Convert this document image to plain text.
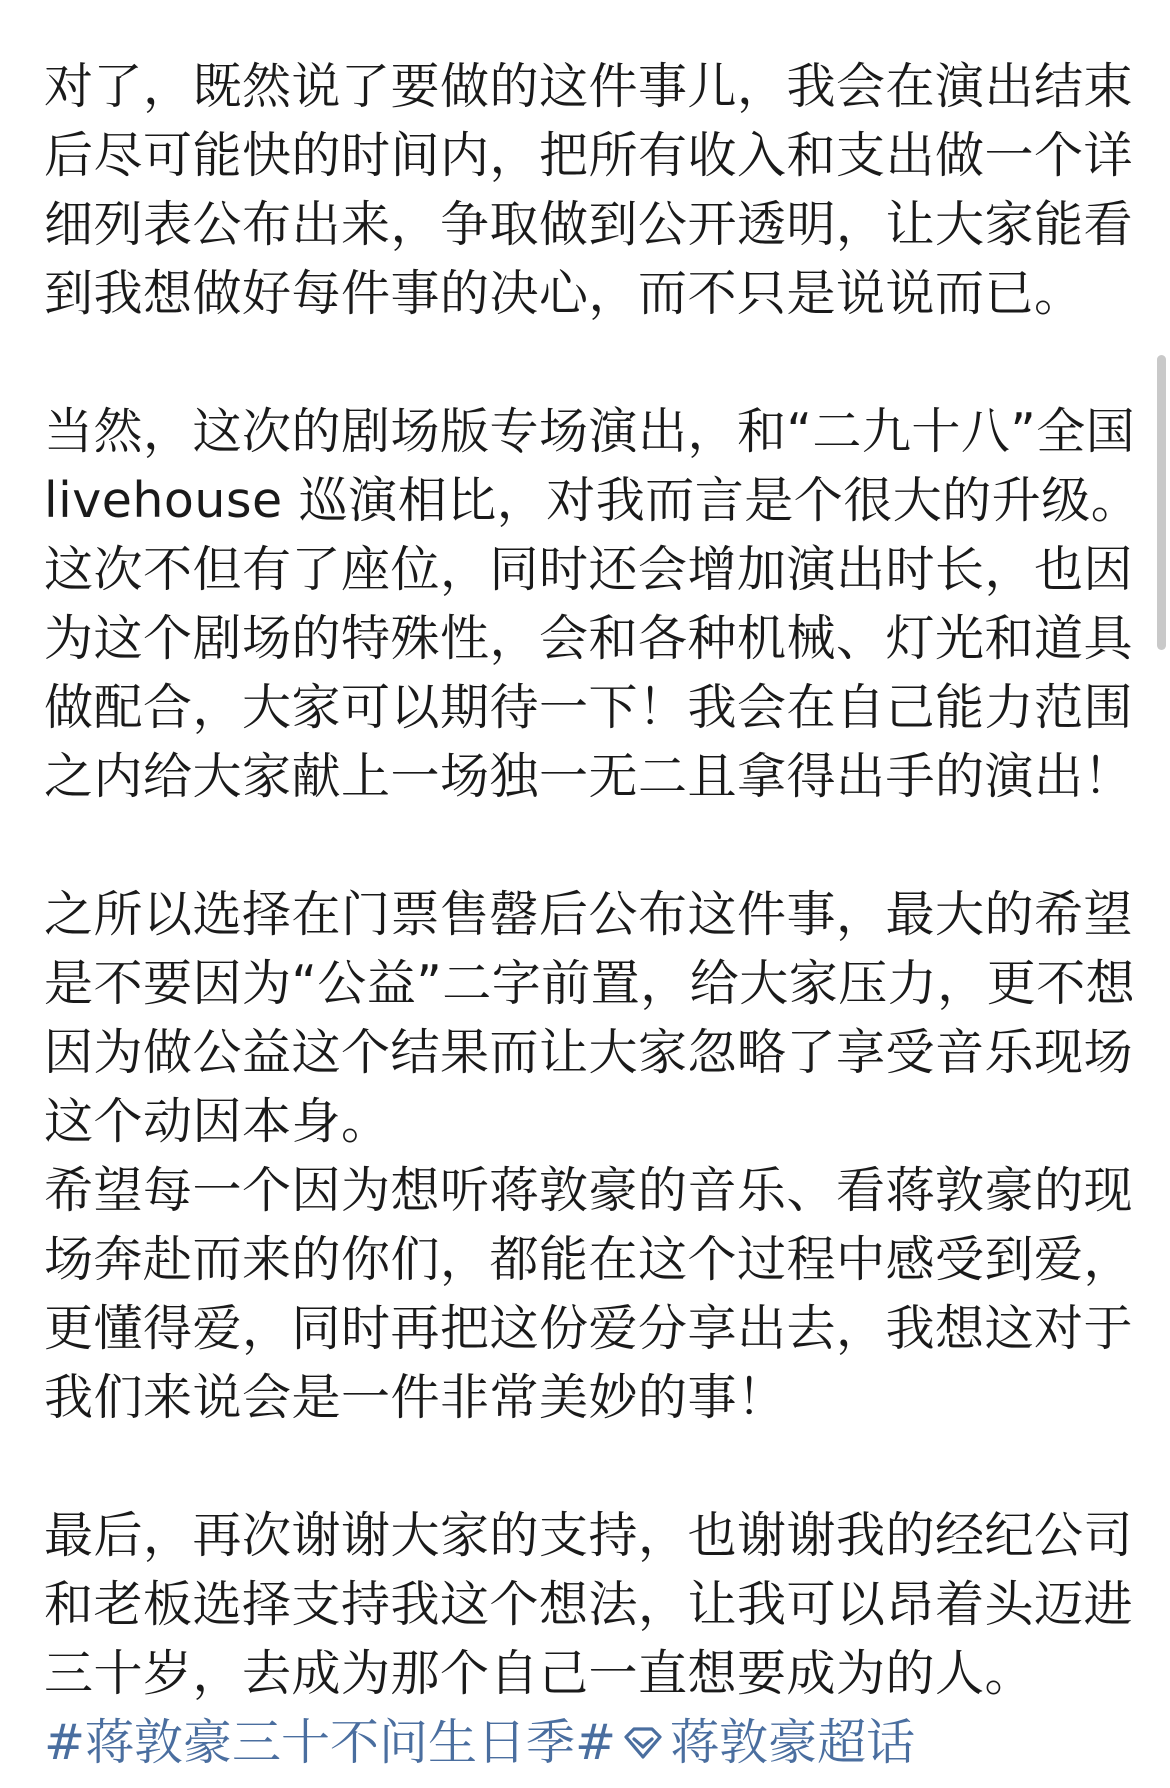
对了，既然说了要做的这件事儿，我会在演出结束
后尽可能快的时间内，把所有收入和支出做一个详
细列表公布出来，争取做到公开透明，让大家能看
到我想做好每件事的决心，而不只是说说而已。
当然，这次的剧场版专场演出，和“二九十八”全国
livehouse 巡演相比，对我而言是个很大的升级。
这次不但有了座位，同时还会增加演出时长，也因
为这个剧场的特殊性，会和各种机械、灯光和道具
做配合，大家可以期待一下！我会在自己能力范围
之内给大家献上一场独一无二且拿得出手的演出！
之所以选择在门票售罄后公布这件事，最大的希望
是不要因为“公益”二字前置，给大家压力，更不想
因为做公益这个结果而让大家忽略了享受音乐现场
这个动因本身。
希望每一个因为想听蒋敦豪的音乐、看蒋敦豪的现
场奔赴而来的你们，都能在这个过程中感受到爱，
更懂得爱，同时再把这份爱分享出去，我想这对于
我们来说会是一件非常美妙的事！
最后，再次谢谢大家的支持，也谢谢我的经纪公司
和老板选择支持我这个想法，让我可以昂着头迈进
三十岁，去成为那个自己一直想要成为的人。
#蒋敦豪三十不问生日季# 蒋敦豪超话
